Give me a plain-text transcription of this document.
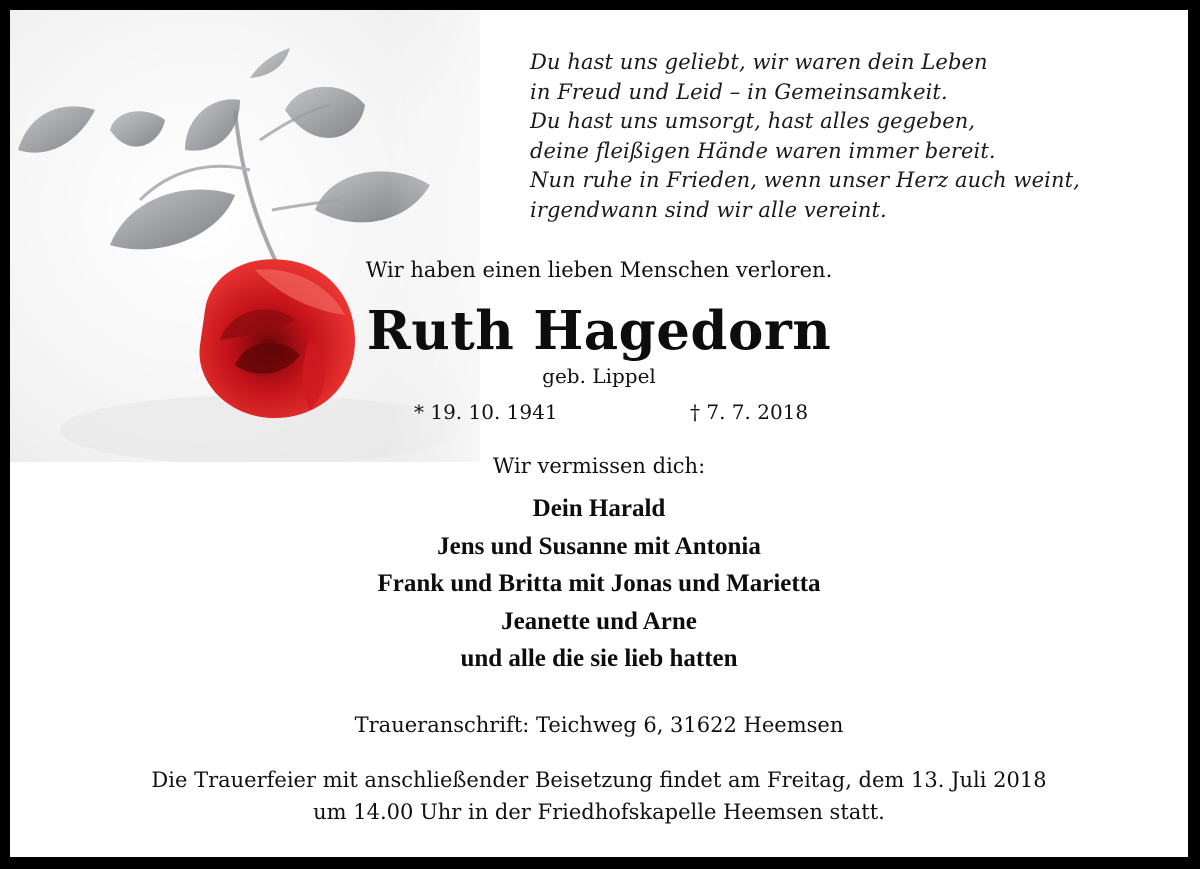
Du hast uns geliebt, wir waren dein Leben
in Freud und Leid – in Gemeinsamkeit.
Du hast uns umsorgt, hast alles gegeben,
deine fleißigen Hände waren immer bereit.
Nun ruhe in Frieden, wenn unser Herz auch weint,
irgendwann sind wir alle vereint.
Wir haben einen lieben Menschen verloren.
Ruth Hagedorn
geb. Lippel
* 19. 10. 1941	† 7. 7. 2018
Wir vermissen dich:
Dein Harald
Jens und Susanne mit Antonia
Frank und Britta mit Jonas und Marietta
Jeanette und Arne
und alle die sie lieb hatten
Traueranschrift: Teichweg 6, 31622 Heemsen
Die Trauerfeier mit anschließender Beisetzung findet am Freitag, dem 13. Juli 2018
um 14.00 Uhr in der Friedhofskapelle Heemsen statt.
